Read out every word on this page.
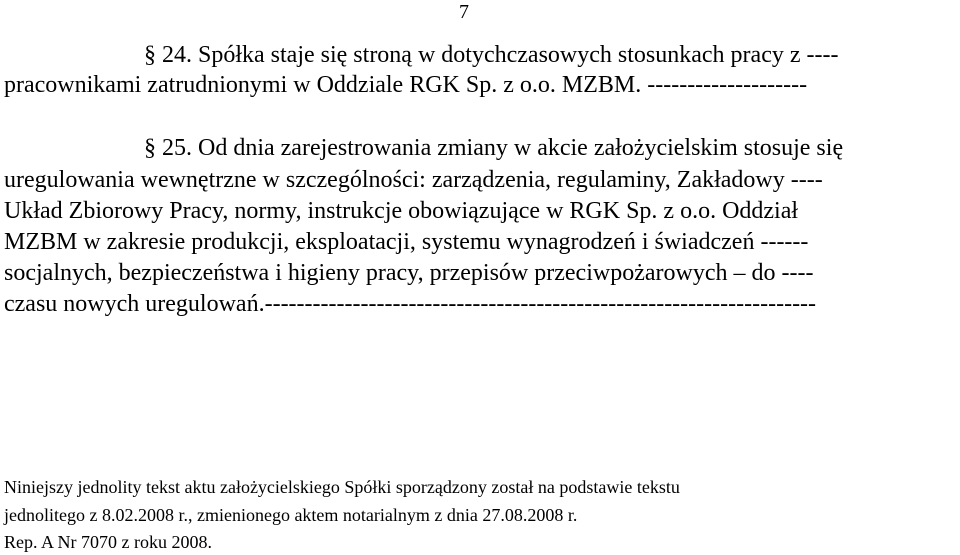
7
§ 24. Spółka staje się stroną w dotychczasowych stosunkach pracy z ----
pracownikami zatrudnionymi w Oddziale RGK Sp. z o.o. MZBM. --------------------
§ 25. Od dnia zarejestrowania zmiany w akcie założycielskim stosuje się
uregulowania wewnętrzne w szczególności: zarządzenia, regulaminy, Zakładowy ----
Układ Zbiorowy Pracy, normy, instrukcje obowiązujące w RGK Sp. z o.o. Oddział
MZBM w zakresie produkcji, eksploatacji, systemu wynagrodzeń i świadczeń ------
socjalnych, bezpieczeństwa i higieny pracy, przepisów przeciwpożarowych – do ----
czasu nowych uregulowań.---------------------------------------------------------------------
Niniejszy jednolity tekst aktu założycielskiego Spółki sporządzony został na podstawie tekstu
jednolitego z 8.02.2008 r., zmienionego aktem notarialnym z dnia 27.08.2008 r.
Rep. A Nr 7070 z roku 2008.
